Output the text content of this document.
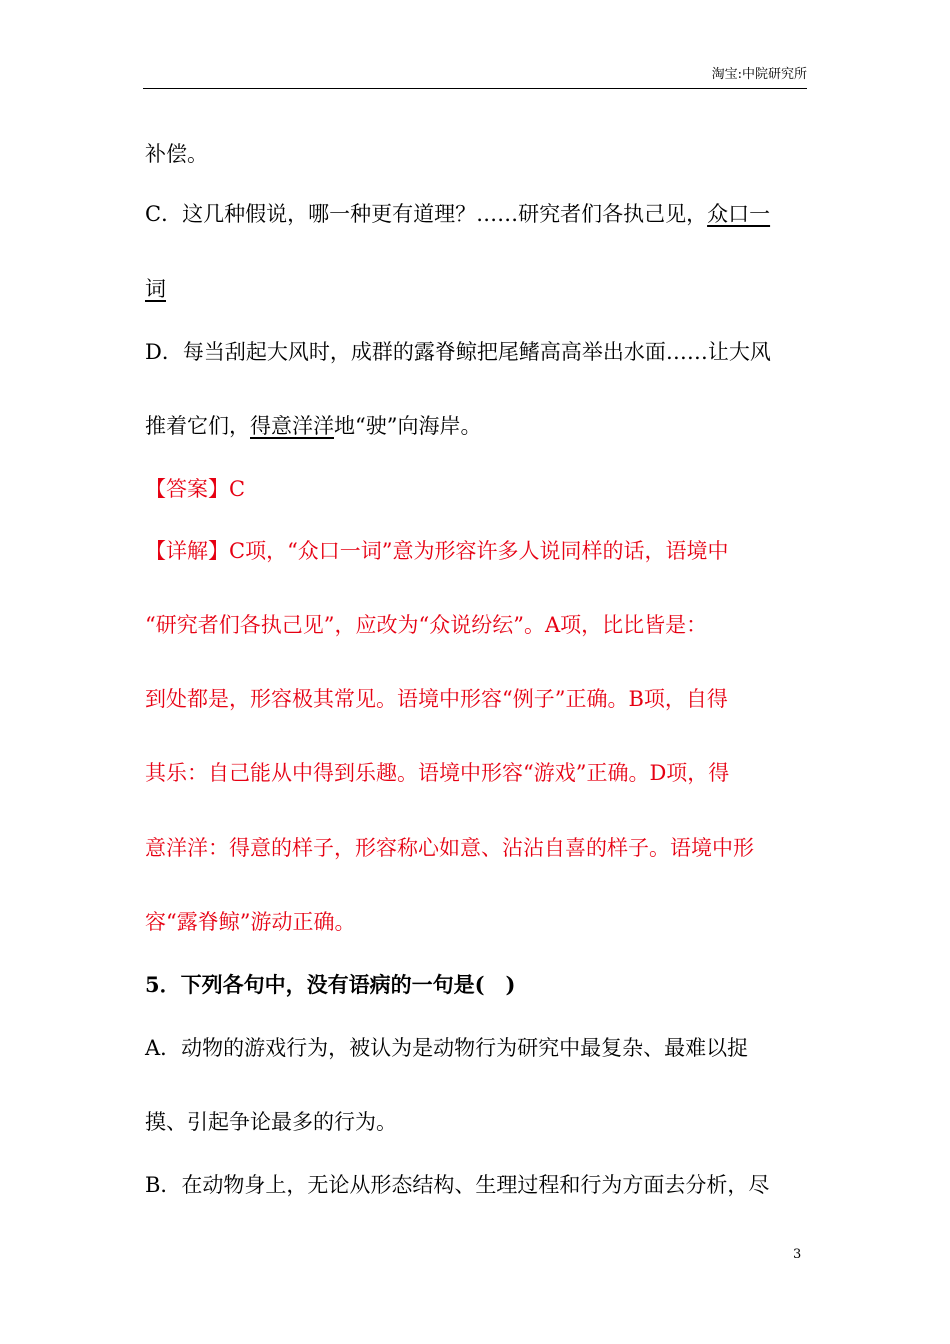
淘宝:中院研究所
补偿。
C．这几种假说，哪一种更有道理？……研究者们各执己见，众口一
词
D．每当刮起大风时，成群的露脊鲸把尾鳍高高举出水面……让大风
推着它们，得意洋洋地“驶”向海岸。
【答案】C
【详解】C项，“众口一词”意为形容许多人说同样的话，语境中
“研究者们各执己见”，应改为“众说纷纭”。A项，比比皆是：
到处都是，形容极其常见。语境中形容“例子”正确。B项，自得
其乐：自己能从中得到乐趣。语境中形容“游戏”正确。D项，得
意洋洋：得意的样子，形容称心如意、沾沾自喜的样子。语境中形
容“露脊鲸”游动正确。
5．下列各句中，没有语病的一句是(　)
A．动物的游戏行为，被认为是动物行为研究中最复杂、最难以捉
摸、引起争论最多的行为。
B．在动物身上，无论从形态结构、生理过程和行为方面去分析，尽
3
